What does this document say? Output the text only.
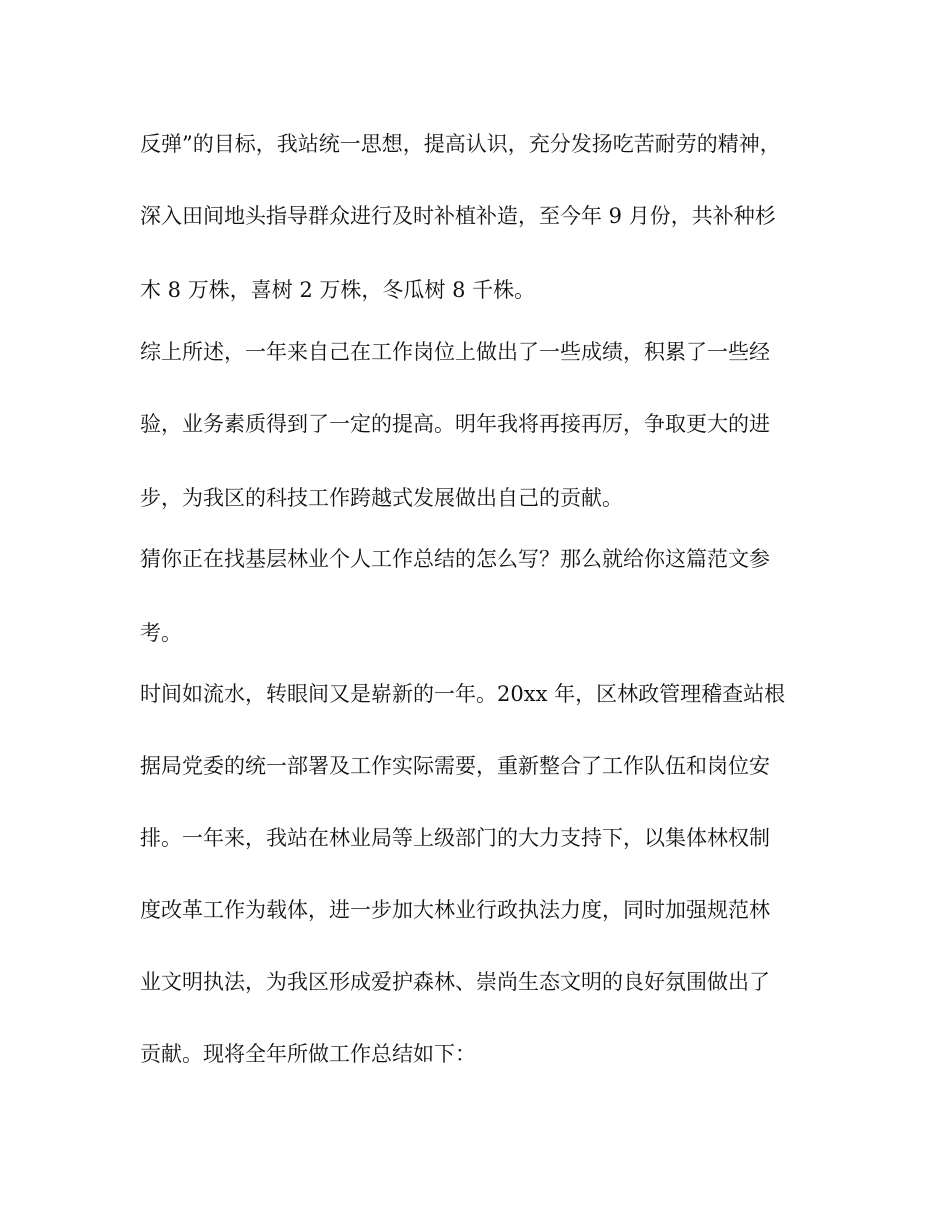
反弹”的目标，我站统一思想，提高认识，充分发扬吃苦耐劳的精神，
深入田间地头指导群众进行及时补植补造，至今年 9 月份，共补种杉
木 8 万株，喜树 2 万株，冬瓜树 8 千株。
综上所述，一年来自己在工作岗位上做出了一些成绩，积累了一些经
验，业务素质得到了一定的提高。明年我将再接再厉，争取更大的进
步，为我区的科技工作跨越式发展做出自己的贡献。
猜你正在找基层林业个人工作总结的怎么写？那么就给你这篇范文参
考。
时间如流水，转眼间又是崭新的一年。20xx 年，区林政管理稽查站根
据局党委的统一部署及工作实际需要，重新整合了工作队伍和岗位安
排。一年来，我站在林业局等上级部门的大力支持下，以集体林权制
度改革工作为载体，进一步加大林业行政执法力度，同时加强规范林
业文明执法，为我区形成爱护森林、崇尚生态文明的良好氛围做出了
贡献。现将全年所做工作总结如下：
